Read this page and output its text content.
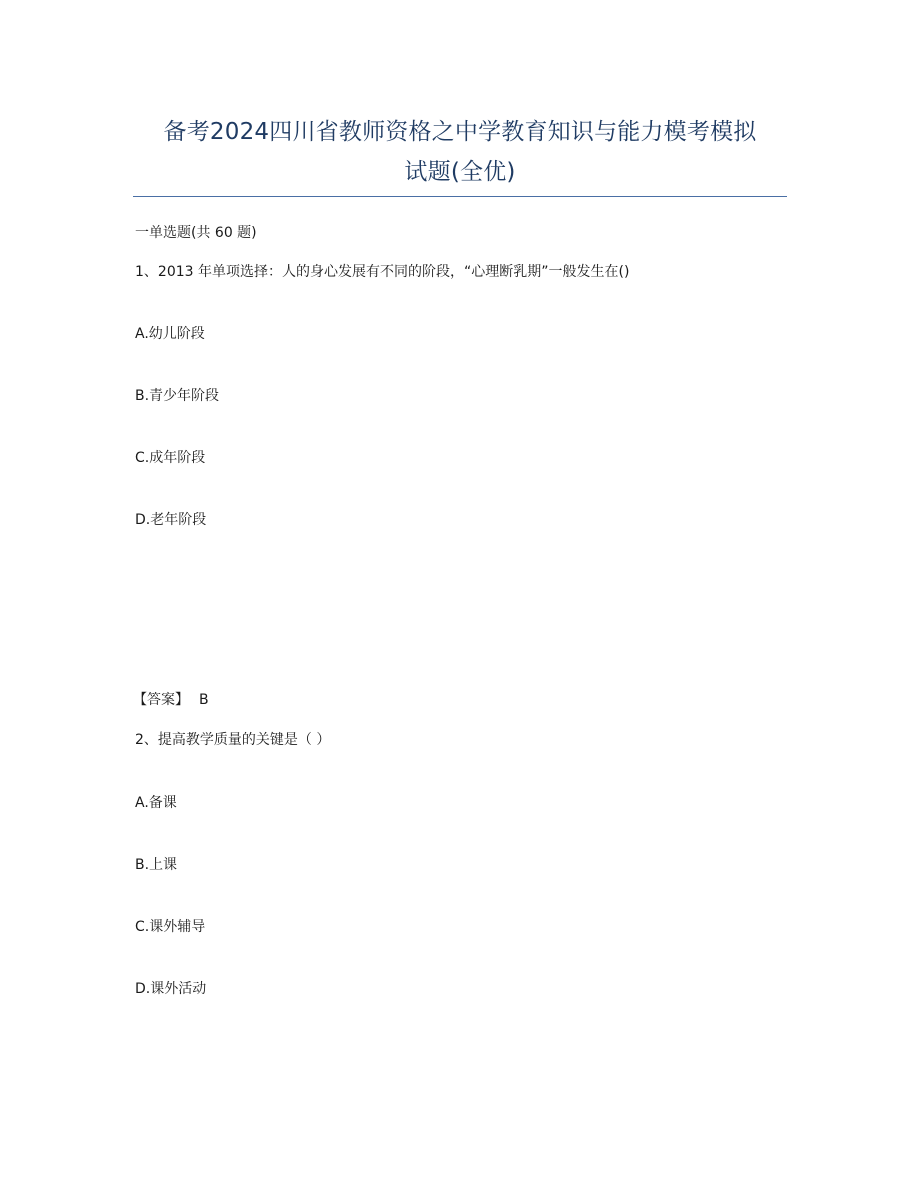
备考2024四川省教师资格之中学教育知识与能力模考模拟
试题(全优)
一单选题(共 60 题)
1、2013 年单项选择：人的身心发展有不同的阶段，“心理断乳期”一般发生在()
A.幼儿阶段
B.青少年阶段
C.成年阶段
D.老年阶段
【答案】 B
2、提高教学质量的关键是（ ）
A.备课
B.上课
C.课外辅导
D.课外活动
